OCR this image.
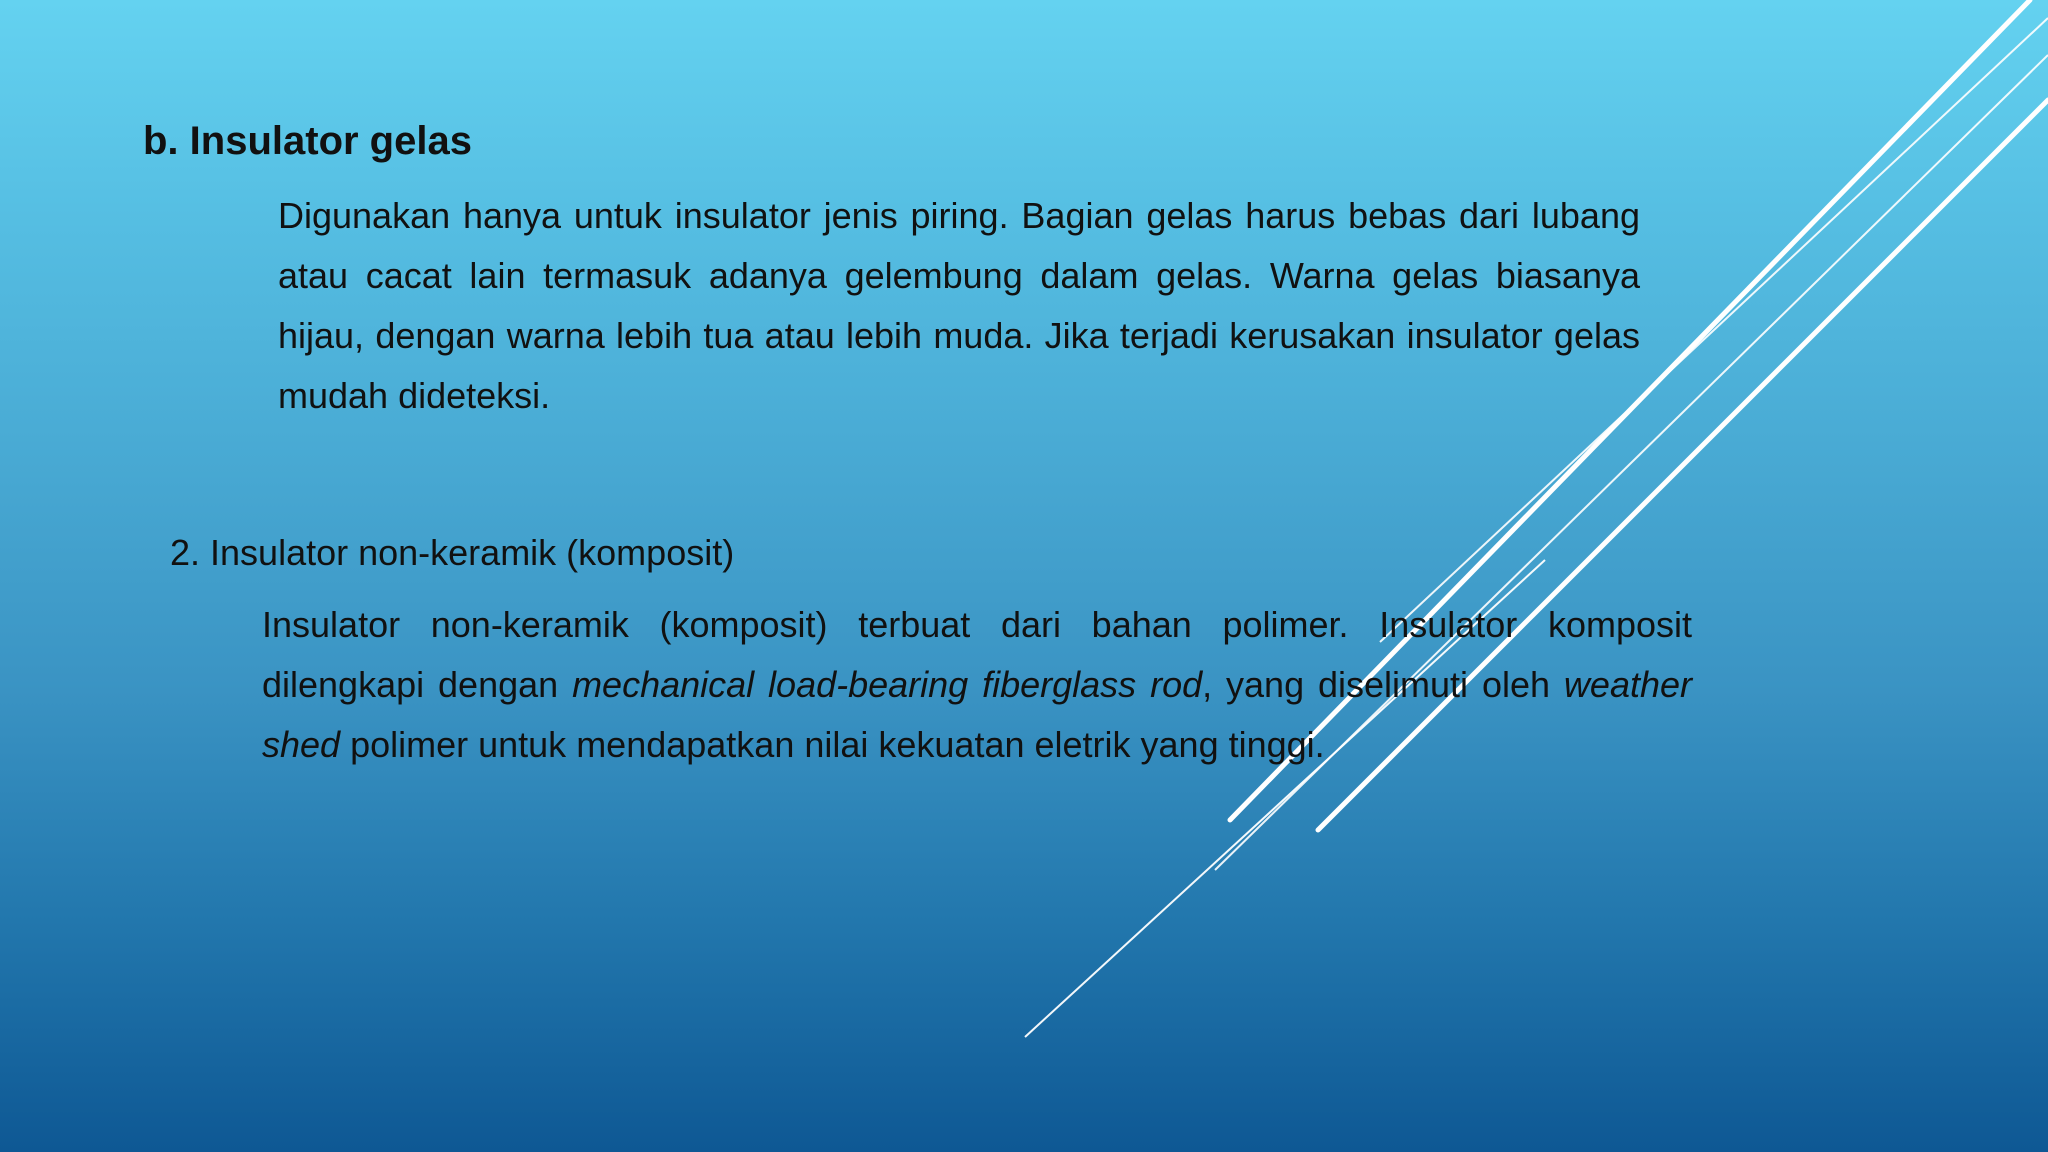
b. Insulator gelas

Digunakan hanya untuk insulator jenis piring. Bagian gelas harus bebas dari lubang atau cacat lain termasuk adanya gelembung dalam gelas. Warna gelas biasanya hijau, dengan warna lebih tua atau lebih muda. Jika terjadi kerusakan insulator gelas mudah dideteksi.

2. Insulator non-keramik (komposit)

Insulator non-keramik (komposit) terbuat dari bahan polimer. Insulator komposit dilengkapi dengan mechanical load-bearing fiberglass rod, yang diselimuti oleh weather shed polimer untuk mendapatkan nilai kekuatan eletrik yang tinggi.
